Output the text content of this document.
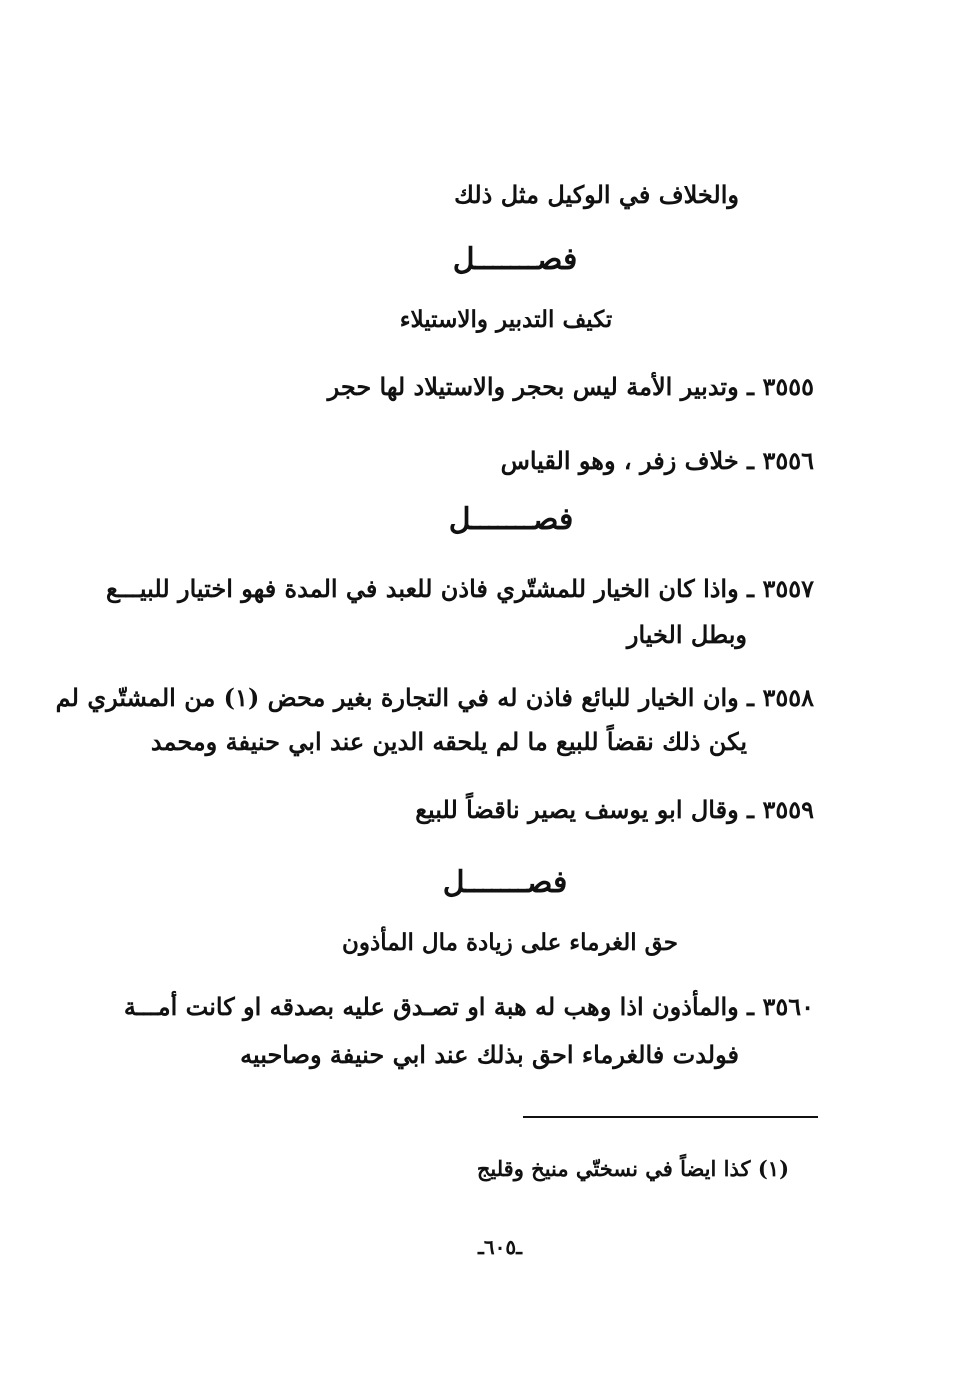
والخلاف في الوكيل مثل ذلك
فصـــــــل
تكيف التدبير والاستيلاء
٣٥٥٥ ـ وتدبير الأمة ليس بحجر والاستيلاد لها حجر
٣٥٥٦ ـ خلاف زفر ، وهو القياس
فصـــــــل
٣٥٥٧ ـ واذا كان الخيار للمشتّري فاذن للعبد في المدة فهو اختيار للبيـــع
وبطل الخيار
٣٥٥٨ ـ وان الخيار للبائع فاذن له في التجارة بغير محض (١) من المشتّري لم
يكن ذلك نقضاً للبيع ما لم يلحقه الدين عند ابي حنيفة ومحمد
٣٥٥٩ ـ وقال ابو يوسف يصير ناقضاً للبيع
فصـــــــل
حق الغرماء على زيادة مال المأذون
٣٥٦٠ ـ والمأذون اذا وهب له هبة او تصـدق عليه بصدقه او كانت أمـــة
فولدت فالغرماء احق بذلك عند ابي حنيفة وصاحبيه
(١) كذا ايضاً في نسختّي منيخ وقليج
ـ٦٠٥ـ
